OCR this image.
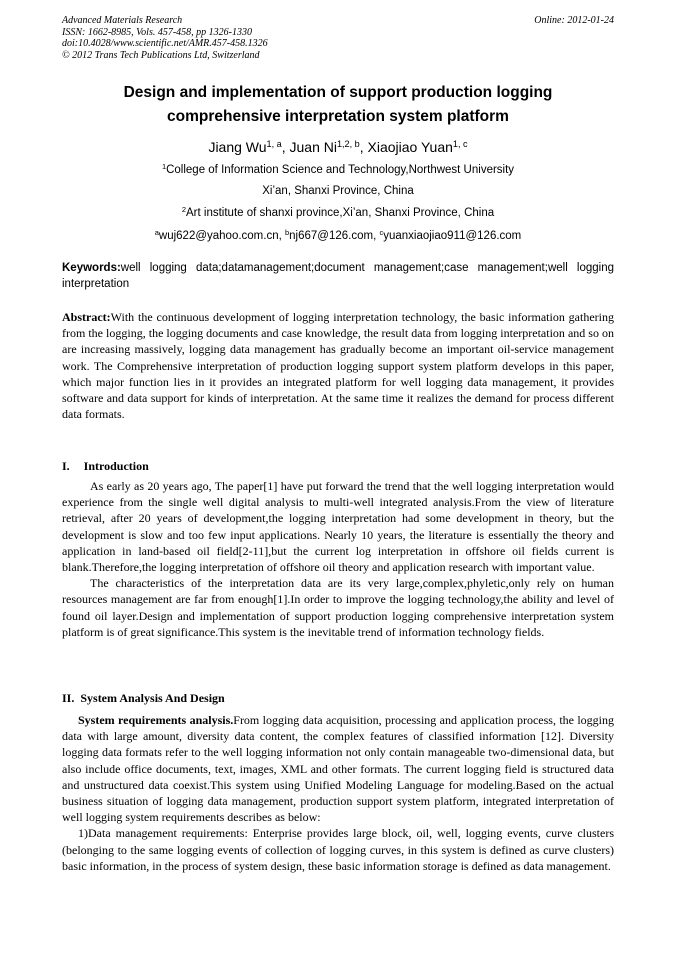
Advanced Materials Research
ISSN: 1662-8985, Vols. 457-458, pp 1326-1330
doi:10.4028/www.scientific.net/AMR.457-458.1326
© 2012 Trans Tech Publications Ltd, Switzerland
Online: 2012-01-24
Design and implementation of support production logging
comprehensive interpretation system platform
Jiang Wu$^{1, a}$, Juan Ni$^{1,2, b}$, Xiaojiao Yuan$^{1, c}$
$^1$College of Information Science and Technology,Northwest University
Xi’an, Shanxi Province, China
$^2$Art institute of shanxi province,Xi’an, Shanxi Province, China
$^a$wuj622@yahoo.com.cn, $^b$nj667@126.com, $^c$yuanxiaojiao911@126.com
Keywords:well logging data;datamanagement;document management;case management;well logging interpretation
Abstract:With the continuous development of logging interpretation technology, the basic information gathering from the logging, the logging documents and case knowledge, the result data from logging interpretation and so on are increasing massively, logging data management has gradually become an important oil-service management work. The Comprehensive interpretation of production logging support system platform develops in this paper, which major function lies in it provides an integrated platform for well logging data management, it provides software and data support for kinds of interpretation. At the same time it realizes the demand for process different data formats.
I. Introduction

As early as 20 years ago, The paper[1] have put forward the trend that the well logging interpretation would experience from the single well digital analysis to multi-well integrated analysis.From the view of literature retrieval, after 20 years of development,the logging interpretation had some development in theory, but the development is slow and too few input applications. Nearly 10 years, the literature is essentially the theory and application in land-based oil field[2-11],but the current log interpretation in offshore oil fields current is blank.Therefore,the logging interpretation of offshore oil theory and application research with important value.

The characteristics of the interpretation data are its very large,complex,phyletic,only rely on human resources management are far from enough[1].In order to improve the logging technology,the ability and level of found oil layer.Design and implementation of support production logging comprehensive interpretation system platform is of great significance.This system is the inevitable trend of information technology fields.

II. System Analysis And Design

System requirements analysis.From logging data acquisition, processing and application process, the logging data with large amount, diversity data content, the complex features of classified information [12]. Diversity logging data formats refer to the well logging information not only contain manageable two-dimensional data, but also include office documents, text, images, XML and other formats. The current logging field is structured data and unstructured data coexist.This system using Unified Modeling Language for modeling.Based on the actual business situation of logging data management, production support system platform, integrated interpretation of well logging system requirements describes as below:

1)Data management requirements: Enterprise provides large block, oil, well, logging events, curve clusters (belonging to the same logging events of collection of logging curves, in this system is defined as curve clusters) basic information, in the process of system design, these basic information storage is defined as data management.
